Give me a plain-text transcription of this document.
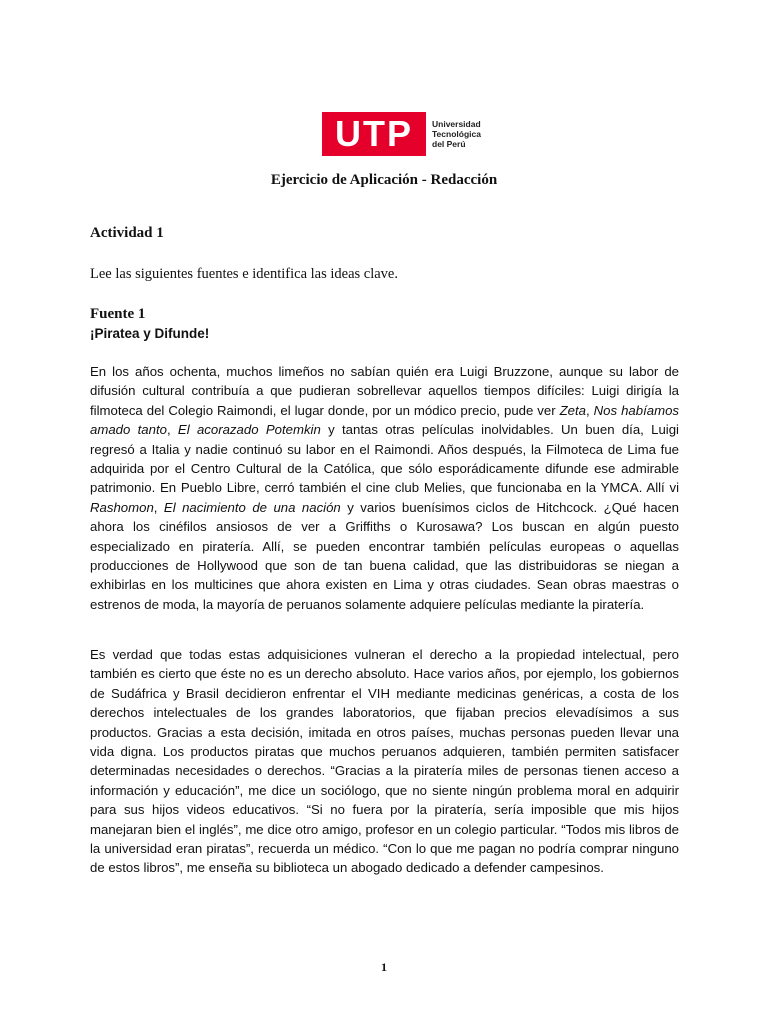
UTP Universidad
Tecnológica
del Perú
Ejercicio de Aplicación - Redacción
Actividad 1
Lee las siguientes fuentes e identifica las ideas clave.
Fuente 1
¡Piratea y Difunde!

En los años ochenta, muchos limeños no sabían quién era Luigi Bruzzone, aunque su labor de difusión cultural contribuía a que pudieran sobrellevar aquellos tiempos difíciles: Luigi dirigía la filmoteca del Colegio Raimondi, el lugar donde, por un módico precio, pude ver Zeta, Nos habíamos amado tanto, El acorazado Potemkin y tantas otras películas inolvidables. Un buen día, Luigi regresó a Italia y nadie continuó su labor en el Raimondi. Años después, la Filmoteca de Lima fue adquirida por el Centro Cultural de la Católica, que sólo esporádicamente difunde ese admirable patrimonio. En Pueblo Libre, cerró también el cine club Melies, que funcionaba en la YMCA. Allí vi Rashomon, El nacimiento de una nación y varios buenísimos ciclos de Hitchcock. ¿Qué hacen ahora los cinéfilos ansiosos de ver a Griffiths o Kurosawa? Los buscan en algún puesto especializado en piratería. Allí, se pueden encontrar también películas europeas o aquellas producciones de Hollywood que son de tan buena calidad, que las distribuidoras se niegan a exhibirlas en los multicines que ahora existen en Lima y otras ciudades. Sean obras maestras o estrenos de moda, la mayoría de peruanos solamente adquiere películas mediante la piratería.

Es verdad que todas estas adquisiciones vulneran el derecho a la propiedad intelectual, pero también es cierto que éste no es un derecho absoluto. Hace varios años, por ejemplo, los gobiernos de Sudáfrica y Brasil decidieron enfrentar el VIH mediante medicinas genéricas, a costa de los derechos intelectuales de los grandes laboratorios, que fijaban precios elevadísimos a sus productos. Gracias a esta decisión, imitada en otros países, muchas personas pueden llevar una vida digna. Los productos piratas que muchos peruanos adquieren, también permiten satisfacer determinadas necesidades o derechos. “Gracias a la piratería miles de personas tienen acceso a información y educación”, me dice un sociólogo, que no siente ningún problema moral en adquirir para sus hijos videos educativos. “Si no fuera por la piratería, sería imposible que mis hijos manejaran bien el inglés”, me dice otro amigo, profesor en un colegio particular. “Todos mis libros de la universidad eran piratas”, recuerda un médico. “Con lo que me pagan no podría comprar ninguno de estos libros”, me enseña su biblioteca un abogado dedicado a defender campesinos.

1
